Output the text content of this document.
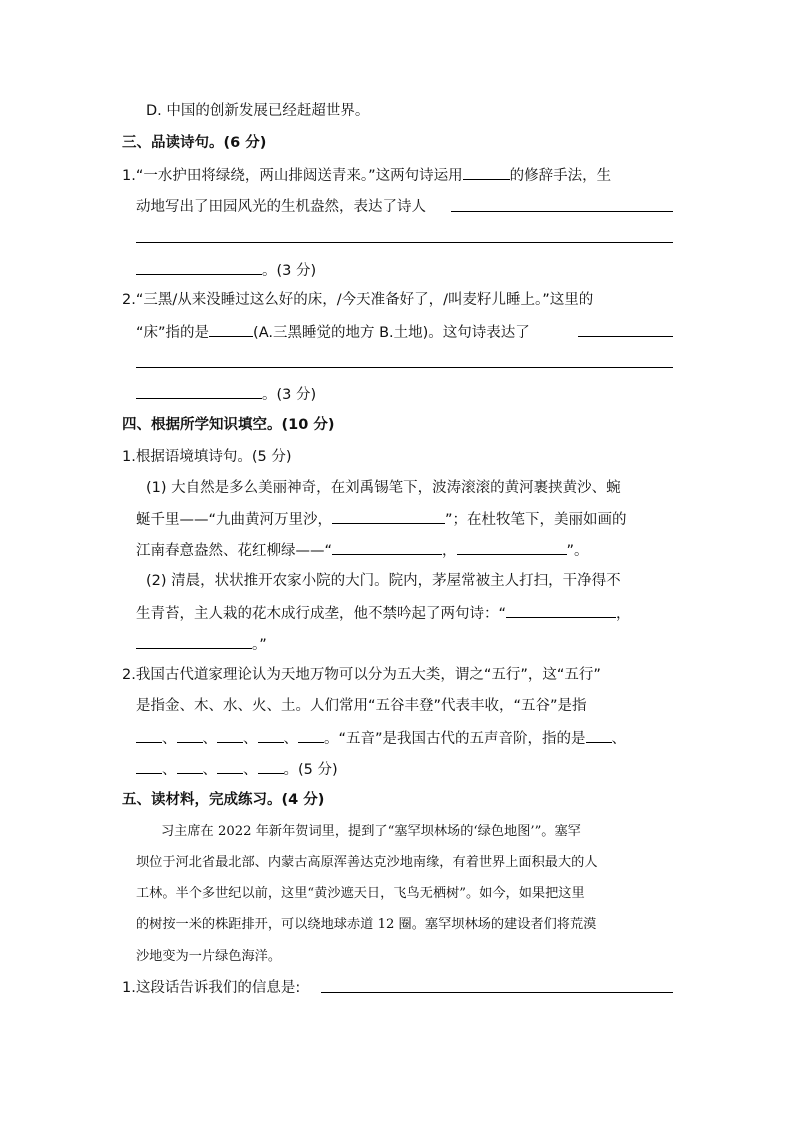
D. 中国的创新发展已经赶超世界。
三、品读诗句。(6 分)
1.“一水护田将绿绕，两山排闼送青来。”这两句诗运用	的修辞手法，生
动地写出了田园风光的生机盎然，表达了诗人
。(3 分)
2.“三黑/从来没睡过这么好的床，/今天准备好了，/叫麦籽儿睡上。”这里的
“床”指的是	(A.三黑睡觉的地方 B.土地)。这句诗表达了
。(3 分)
四、根据所学知识填空。(10 分)
1.根据语境填诗句。(5 分)
(1) 大自然是多么美丽神奇，在刘禹锡笔下，波涛滚滚的黄河裹挟黄沙、蜿
蜒千里——“九曲黄河万里沙，	”；在杜牧笔下，美丽如画的
江南春意盎然、花红柳绿——“	，	”。
(2) 清晨，状状推开农家小院的大门。院内，茅屋常被主人打扫，干净得不
生青苔，主人栽的花木成行成垄，他不禁吟起了两句诗：“	，
。”
2.我国古代道家理论认为天地万物可以分为五大类，谓之“五行”，这“五行”
是指金、木、水、火、土。人们常用“五谷丰登”代表丰收，“五谷”是指
、 、 、 、 。“五音”是我国古代的五声音阶，指的是 、
、 、 、 。(5 分)
五、读材料，完成练习。(4 分)
习主席在 2022 年新年贺词里，提到了“塞罕坝林场的‘绿色地图’”。塞罕
坝位于河北省最北部、内蒙古高原浑善达克沙地南缘，有着世界上面积最大的人
工林。半个多世纪以前，这里“黄沙遮天日，飞鸟无栖树”。如今，如果把这里
的树按一米的株距排开，可以绕地球赤道 12 圈。塞罕坝林场的建设者们将荒漠
沙地变为一片绿色海洋。
1.这段话告诉我们的信息是:
